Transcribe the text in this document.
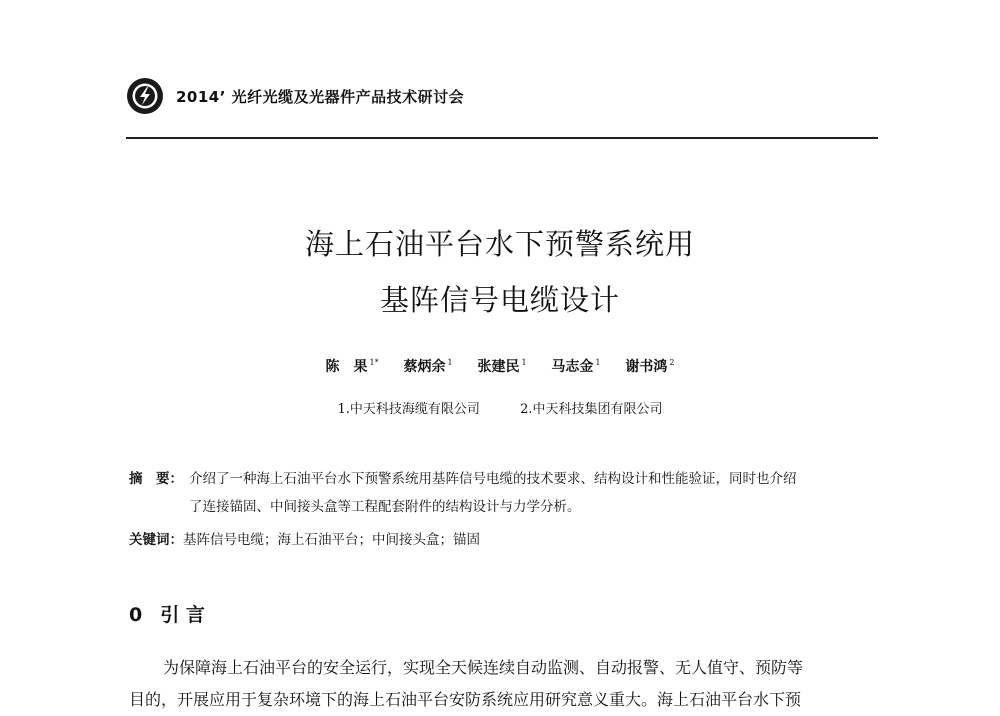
2014’ 光纤光缆及光器件产品技术研讨会
海上石油平台水下预警系统用
基阵信号电缆设计
陈　果 $^{1*}$ 蔡炳余 $^1$ 张建民 $^1$ 马志金 $^1$ 谢书鸿 $^2$
1.中天科技海缆有限公司	2.中天科技集团有限公司
摘　要： 介绍了一种海上石油平台水下预警系统用基阵信号电缆的技术要求、结构设计和性能验证，同时也介绍
了连接锚固、中间接头盒等工程配套附件的结构设计与力学分析。
关键词：基阵信号电缆；海上石油平台；中间接头盒；锚固
0 引 言

为保障海上石油平台的安全运行，实现全天候连续自动监测、自动报警、无人值守、预防等

目的，开展应用于复杂环境下的海上石油平台安防系统应用研究意义重大。海上石油平台水下预
